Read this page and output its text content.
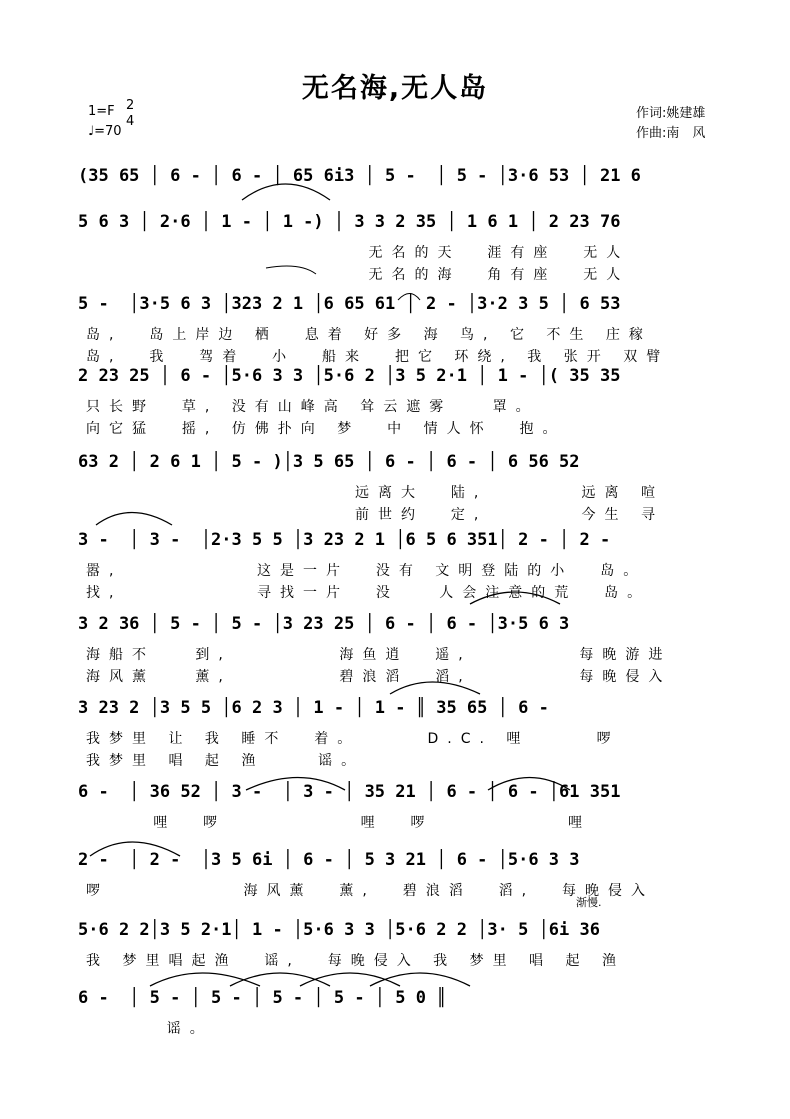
无名海,无人岛
1=F 2
4
♩=70
作词:姚建雄
作曲:南　风
(35 65 │ 6 - │ 6 - │ 65 6i3 │ 5 -  │ 5 - │3·6 53 │ 21 6
5 6 3 │ 2·6 │ 1 - │ 1 -) │ 3 3 2 35 │ 1 6 1 │ 2 23 76
无名的天  涯有座  无人
无名的海  角有座  无人
5 -  │3·5 6 3 │323 2 1 │6 65 61 │ 2 - │3·2 3 5 │ 6 53
岛,  岛上岸边 栖  息着 好多 海 鸟, 它 不生 庄稼
岛,  我  驾着  小  船来  把它 环绕, 我 张开 双臂
2 23 25 │ 6 - │5·6 3 3 │5·6 2 │3 5 2·1 │ 1 - │( 35 35
只长野  草, 没有山峰高 耸云遮雾   罩。
向它猛  摇, 仿佛扑向 梦  中 情人怀  抱。
63 2 │ 2 6 1 │ 5 - )│3 5 65 │ 6 - │ 6 - │ 6 56 52
远离大  陆,       远离 喧
前世约  定,       今生 寻
3 -  │ 3 -  │2·3 5 5 │3 23 2 1 │6 5 6 351│ 2 - │ 2 -
嚣,          这是一片  没有 文明登陆的小  岛。
找,          寻找一片  没   人会注意的荒  岛。
3 2 36 │ 5 - │ 5 - │3 23 25 │ 6 - │ 6 - │3·5 6 3
海船不   到,        海鱼逍  遥,        每晚游进
海风薰   薰,        碧浪滔  滔,        每晚侵入
3 23 2 │3 5 5 │6 2 3 │ 1 - │ 1 - ║ 35 65 │ 6 -
我梦里 让 我 睡不  着。     D.C. 哩     啰
我梦里 唱 起 渔    谣。
6 -  │ 36 52 │ 3 -  │ 3 - │ 35 21 │ 6 - │ 6 - │61 351
哩  啰          哩  啰          哩
2 -  │ 2 -  │3 5 6i │ 6 - │ 5 3 21 │ 6 - │5·6 3 3
啰          海风薰  薰,  碧浪滔  滔,  每晚侵入
5·6 2 2│3 5 2·1│ 1 - │5·6 3 3 │5·6 2 2 │3· 5 │6i 36
我 梦里唱起渔  谣,  每晚侵入 我 梦里 唱 起 渔
6 -  │ 5 - │ 5 - │ 5 - │ 5 - │ 5 0 ║
谣。
渐慢.
